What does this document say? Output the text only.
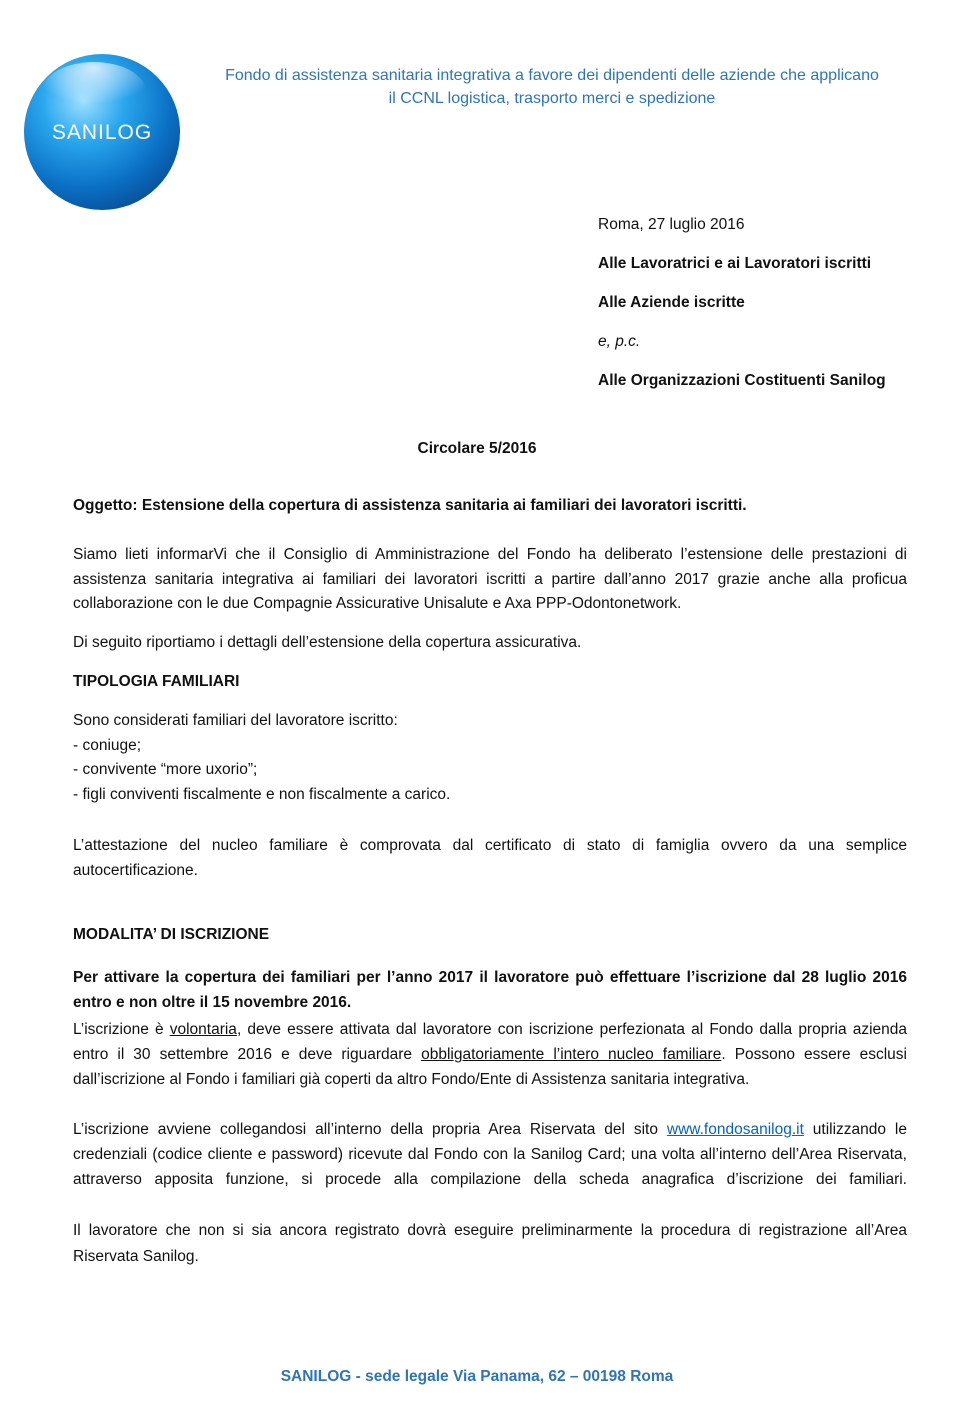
SANILOG
Fondo di assistenza sanitaria integrativa a favore dei dipendenti delle aziende che applicano
il CCNL logistica, trasporto merci e spedizione
Roma, 27 luglio 2016
Alle Lavoratrici e ai Lavoratori iscritti
Alle Aziende iscritte
e, p.c.
Alle Organizzazioni Costituenti Sanilog
Circolare 5/2016
Oggetto: Estensione della copertura di assistenza sanitaria ai familiari dei lavoratori iscritti.
Siamo lieti informarVi che il Consiglio di Amministrazione del Fondo ha deliberato l’estensione delle prestazioni di assistenza sanitaria integrativa ai familiari dei lavoratori iscritti a partire dall’anno 2017 grazie anche alla proficua collaborazione con le due Compagnie Assicurative Unisalute e Axa PPP-Odontonetwork.
Di seguito riportiamo i dettagli dell’estensione della copertura assicurativa.
TIPOLOGIA FAMILIARI
Sono considerati familiari del lavoratore iscritto:
- coniuge;
- convivente “more uxorio”;
- figli conviventi fiscalmente e non fiscalmente a carico.
L’attestazione del nucleo familiare è comprovata dal certificato di stato di famiglia ovvero da una semplice autocertificazione.
MODALITA’ DI ISCRIZIONE
Per attivare la copertura dei familiari per l’anno 2017 il lavoratore può effettuare l’iscrizione dal 28 luglio 2016 entro e non oltre il 15 novembre 2016.
L’iscrizione è volontaria, deve essere attivata dal lavoratore con iscrizione perfezionata al Fondo dalla propria azienda entro il 30 settembre 2016 e deve riguardare obbligatoriamente l’intero nucleo familiare. Possono essere esclusi dall’iscrizione al Fondo i familiari già coperti da altro Fondo/Ente di Assistenza sanitaria integrativa.
L’iscrizione avviene collegandosi all’interno della propria Area Riservata del sito www.fondosanilog.it utilizzando le credenziali (codice cliente e password) ricevute dal Fondo con la Sanilog Card; una volta all’interno dell’Area Riservata, attraverso apposita funzione, si procede alla compilazione della scheda anagrafica d’iscrizione dei familiari.
Il lavoratore che non si sia ancora registrato dovrà eseguire preliminarmente la procedura di registrazione all’Area Riservata Sanilog.
SANILOG - sede legale Via Panama, 62 – 00198 Roma
